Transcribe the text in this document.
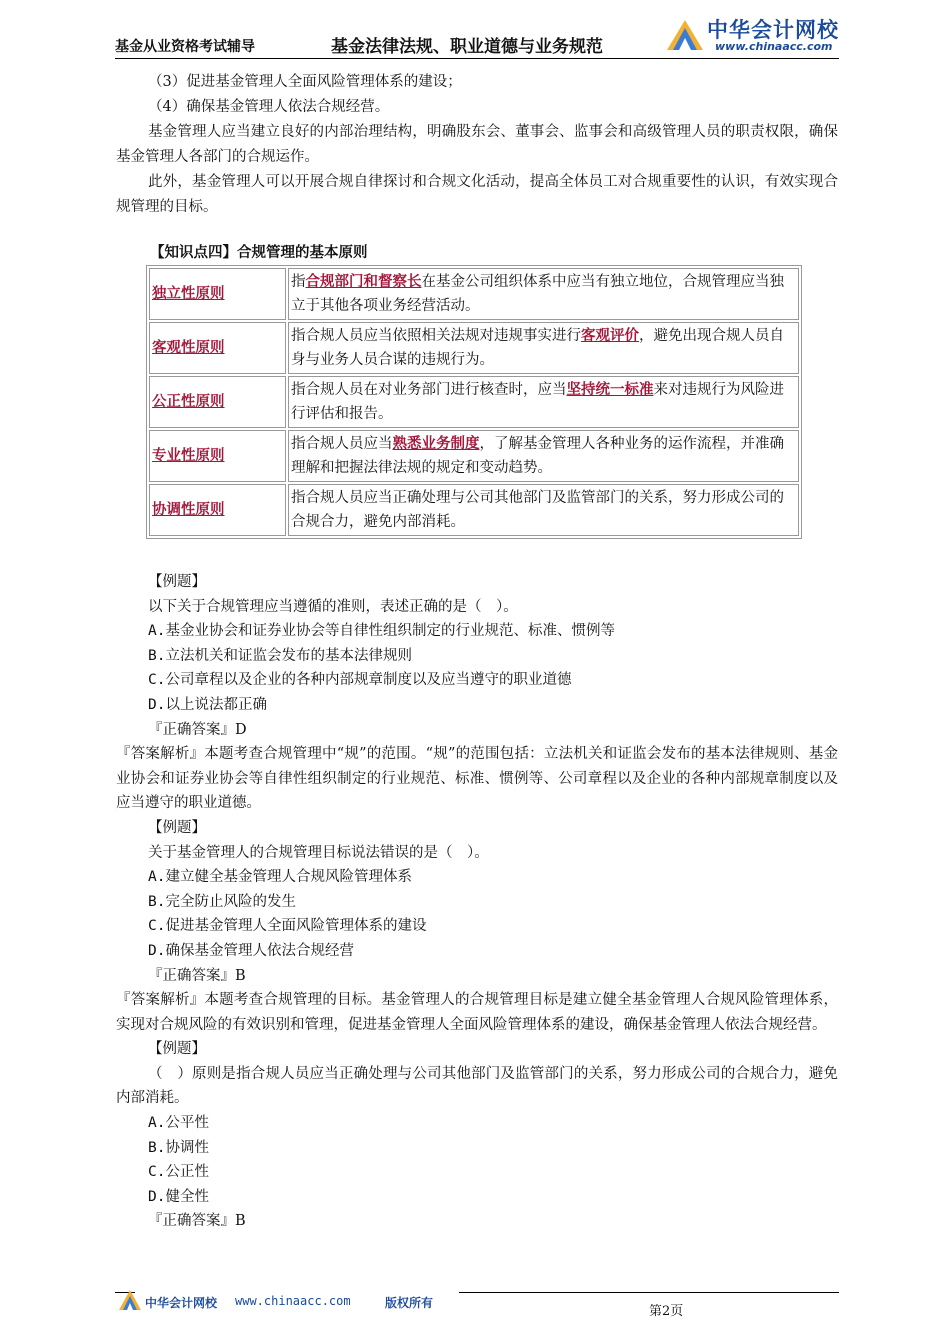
基金从业资格考试辅导	基金法律法规、职业道德与业务规范
中华会计网校
www.chinaacc.com

（3）促进基金管理人全面风险管理体系的建设；

（4）确保基金管理人依法合规经营。

基金管理人应当建立良好的内部治理结构，明确股东会、董事会、监事会和高级管理人员的职责权限，确保基金管理人各部门的合规运作。

此外，基金管理人可以开展合规自律探讨和合规文化活动，提高全体员工对合规重要性的认识，有效实现合规管理的目标。

【知识点四】合规管理的基本原则
独立性原则	指合规部门和督察长在基金公司组织体系中应当有独立地位，合规管理应当独立于其他各项业务经营活动。
客观性原则	指合规人员应当依照相关法规对违规事实进行客观评价，避免出现合规人员自身与业务人员合谋的违规行为。
公正性原则	指合规人员在对业务部门进行核查时，应当坚持统一标准来对违规行为风险进行评估和报告。
专业性原则	指合规人员应当熟悉业务制度，了解基金管理人各种业务的运作流程，并准确理解和把握法律法规的规定和变动趋势。
协调性原则	指合规人员应当正确处理与公司其他部门及监管部门的关系，努力形成公司的合规合力，避免内部消耗。

【例题】

以下关于合规管理应当遵循的准则，表述正确的是（　）。

A.基金业协会和证券业协会等自律性组织制定的行业规范、标准、惯例等

B.立法机关和证监会发布的基本法律规则

C.公司章程以及企业的各种内部规章制度以及应当遵守的职业道德

D.以上说法都正确

『正确答案』D

『答案解析』本题考查合规管理中“规”的范围。“规”的范围包括：立法机关和证监会发布的基本法律规则、基金业协会和证券业协会等自律性组织制定的行业规范、标准、惯例等、公司章程以及企业的各种内部规章制度以及应当遵守的职业道德。

【例题】

关于基金管理人的合规管理目标说法错误的是（　）。

A.建立健全基金管理人合规风险管理体系

B.完全防止风险的发生

C.促进基金管理人全面风险管理体系的建设

D.确保基金管理人依法合规经营

『正确答案』B

『答案解析』本题考查合规管理的目标。基金管理人的合规管理目标是建立健全基金管理人合规风险管理体系，实现对合规风险的有效识别和管理，促进基金管理人全面风险管理体系的建设，确保基金管理人依法合规经营。

【例题】

（　）原则是指合规人员应当正确处理与公司其他部门及监管部门的关系，努力形成公司的合规合力，避免内部消耗。

A.公平性

B.协调性

C.公正性

D.健全性

『正确答案』B

中华会计网校 www.chinaacc.com	版权所有
第2页
